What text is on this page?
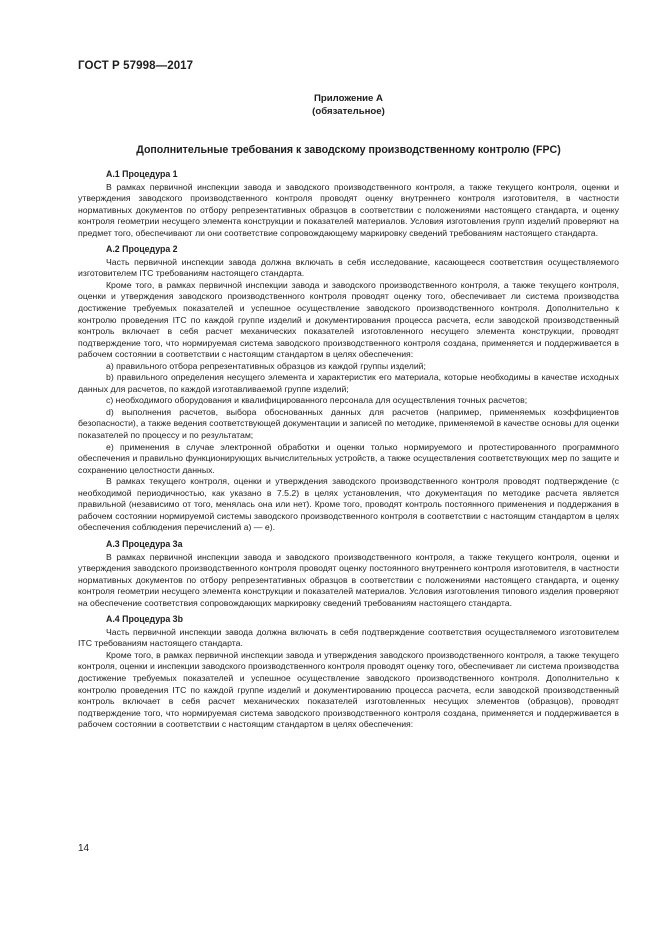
ГОСТ Р 57998—2017
Приложение А
(обязательное)
Дополнительные требования к заводскому производственному контролю (FPC)
А.1 Процедура 1

В рамках первичной инспекции завода и заводского производственного контроля, а также текущего контроля, оценки и утверждения заводского производственного контроля проводят оценку внутреннего контроля изготовителя, в частности нормативных документов по отбору репрезентативных образцов в соответствии с положениями настоящего стандарта, и оценку контроля геометрии несущего элемента конструкции и показателей материалов. Условия изготовления групп изделий проверяют на предмет того, обеспечивают ли они соответствие сопровождающему маркировку сведений требованиям настоящего стандарта.

А.2 Процедура 2

Часть первичной инспекции завода должна включать в себя исследование, касающееся соответствия осуществляемого изготовителем ITC требованиям настоящего стандарта.

Кроме того, в рамках первичной инспекции завода и заводского производственного контроля, а также текущего контроля, оценки и утверждения заводского производственного контроля проводят оценку того, обеспечивает ли система производства достижение требуемых показателей и успешное осуществление заводского производственного контроля. Дополнительно к контролю проведения ITC по каждой группе изделий и документирования процесса расчета, если заводской производственный контроль включает в себя расчет механических показателей изготовленного несущего элемента конструкции, проводят подтверждение того, что нормируемая система заводского производственного контроля создана, применяется и поддерживается в рабочем состоянии в соответствии с настоящим стандартом в целях обеспечения:

a) правильного отбора репрезентативных образцов из каждой группы изделий;

b) правильного определения несущего элемента и характеристик его материала, которые необходимы в качестве исходных данных для расчетов, по каждой изготавливаемой группе изделий;

c) необходимого оборудования и квалифицированного персонала для осуществления точных расчетов;

d) выполнения расчетов, выбора обоснованных данных для расчетов (например, применяемых коэффициентов безопасности), а также ведения соответствующей документации и записей по методике, применяемой в качестве основы для оценки показателей по процессу и по результатам;

e) применения в случае электронной обработки и оценки только нормируемого и протестированного программного обеспечения и правильно функционирующих вычислительных устройств, а также осуществления соответствующих мер по защите и сохранению целостности данных.

В рамках текущего контроля, оценки и утверждения заводского производственного контроля проводят подтверждение (с необходимой периодичностью, как указано в 7.5.2) в целях установления, что документация по методике расчета является правильной (независимо от того, менялась она или нет). Кроме того, проводят контроль постоянного применения и поддержания в рабочем состоянии нормируемой системы заводского производственного контроля в соответствии с настоящим стандартом в целях обеспечения соблюдения перечислений а) — е).

А.3 Процедура 3а

В рамках первичной инспекции завода и заводского производственного контроля, а также текущего контроля, оценки и утверждения заводского производственного контроля проводят оценку постоянного внутреннего контроля изготовителя, в частности нормативных документов по отбору репрезентативных образцов в соответствии с положениями настоящего стандарта, и оценку контроля геометрии несущего элемента конструкции и показателей материалов. Условия изготовления типового изделия проверяют на обеспечение соответствия сопровождающих маркировку сведений требованиям настоящего стандарта.

А.4 Процедура 3b

Часть первичной инспекции завода должна включать в себя подтверждение соответствия осуществляемого изготовителем ITC требованиям настоящего стандарта.

Кроме того, в рамках первичной инспекции завода и утверждения заводского производственного контроля, а также текущего контроля, оценки и инспекции заводского производственного контроля проводят оценку того, обеспечивает ли система производства достижение требуемых показателей и успешное осуществление заводского производственного контроля. Дополнительно к контролю проведения ITC по каждой группе изделий и документированию процесса расчета, если заводской производственный контроль включает в себя расчет механических показателей изготовленных несущих элементов (образцов), проводят подтверждение того, что нормируемая система заводского производственного контроля создана, применяется и поддерживается в рабочем состоянии в соответствии с настоящим стандартом в целях обеспечения:

14
